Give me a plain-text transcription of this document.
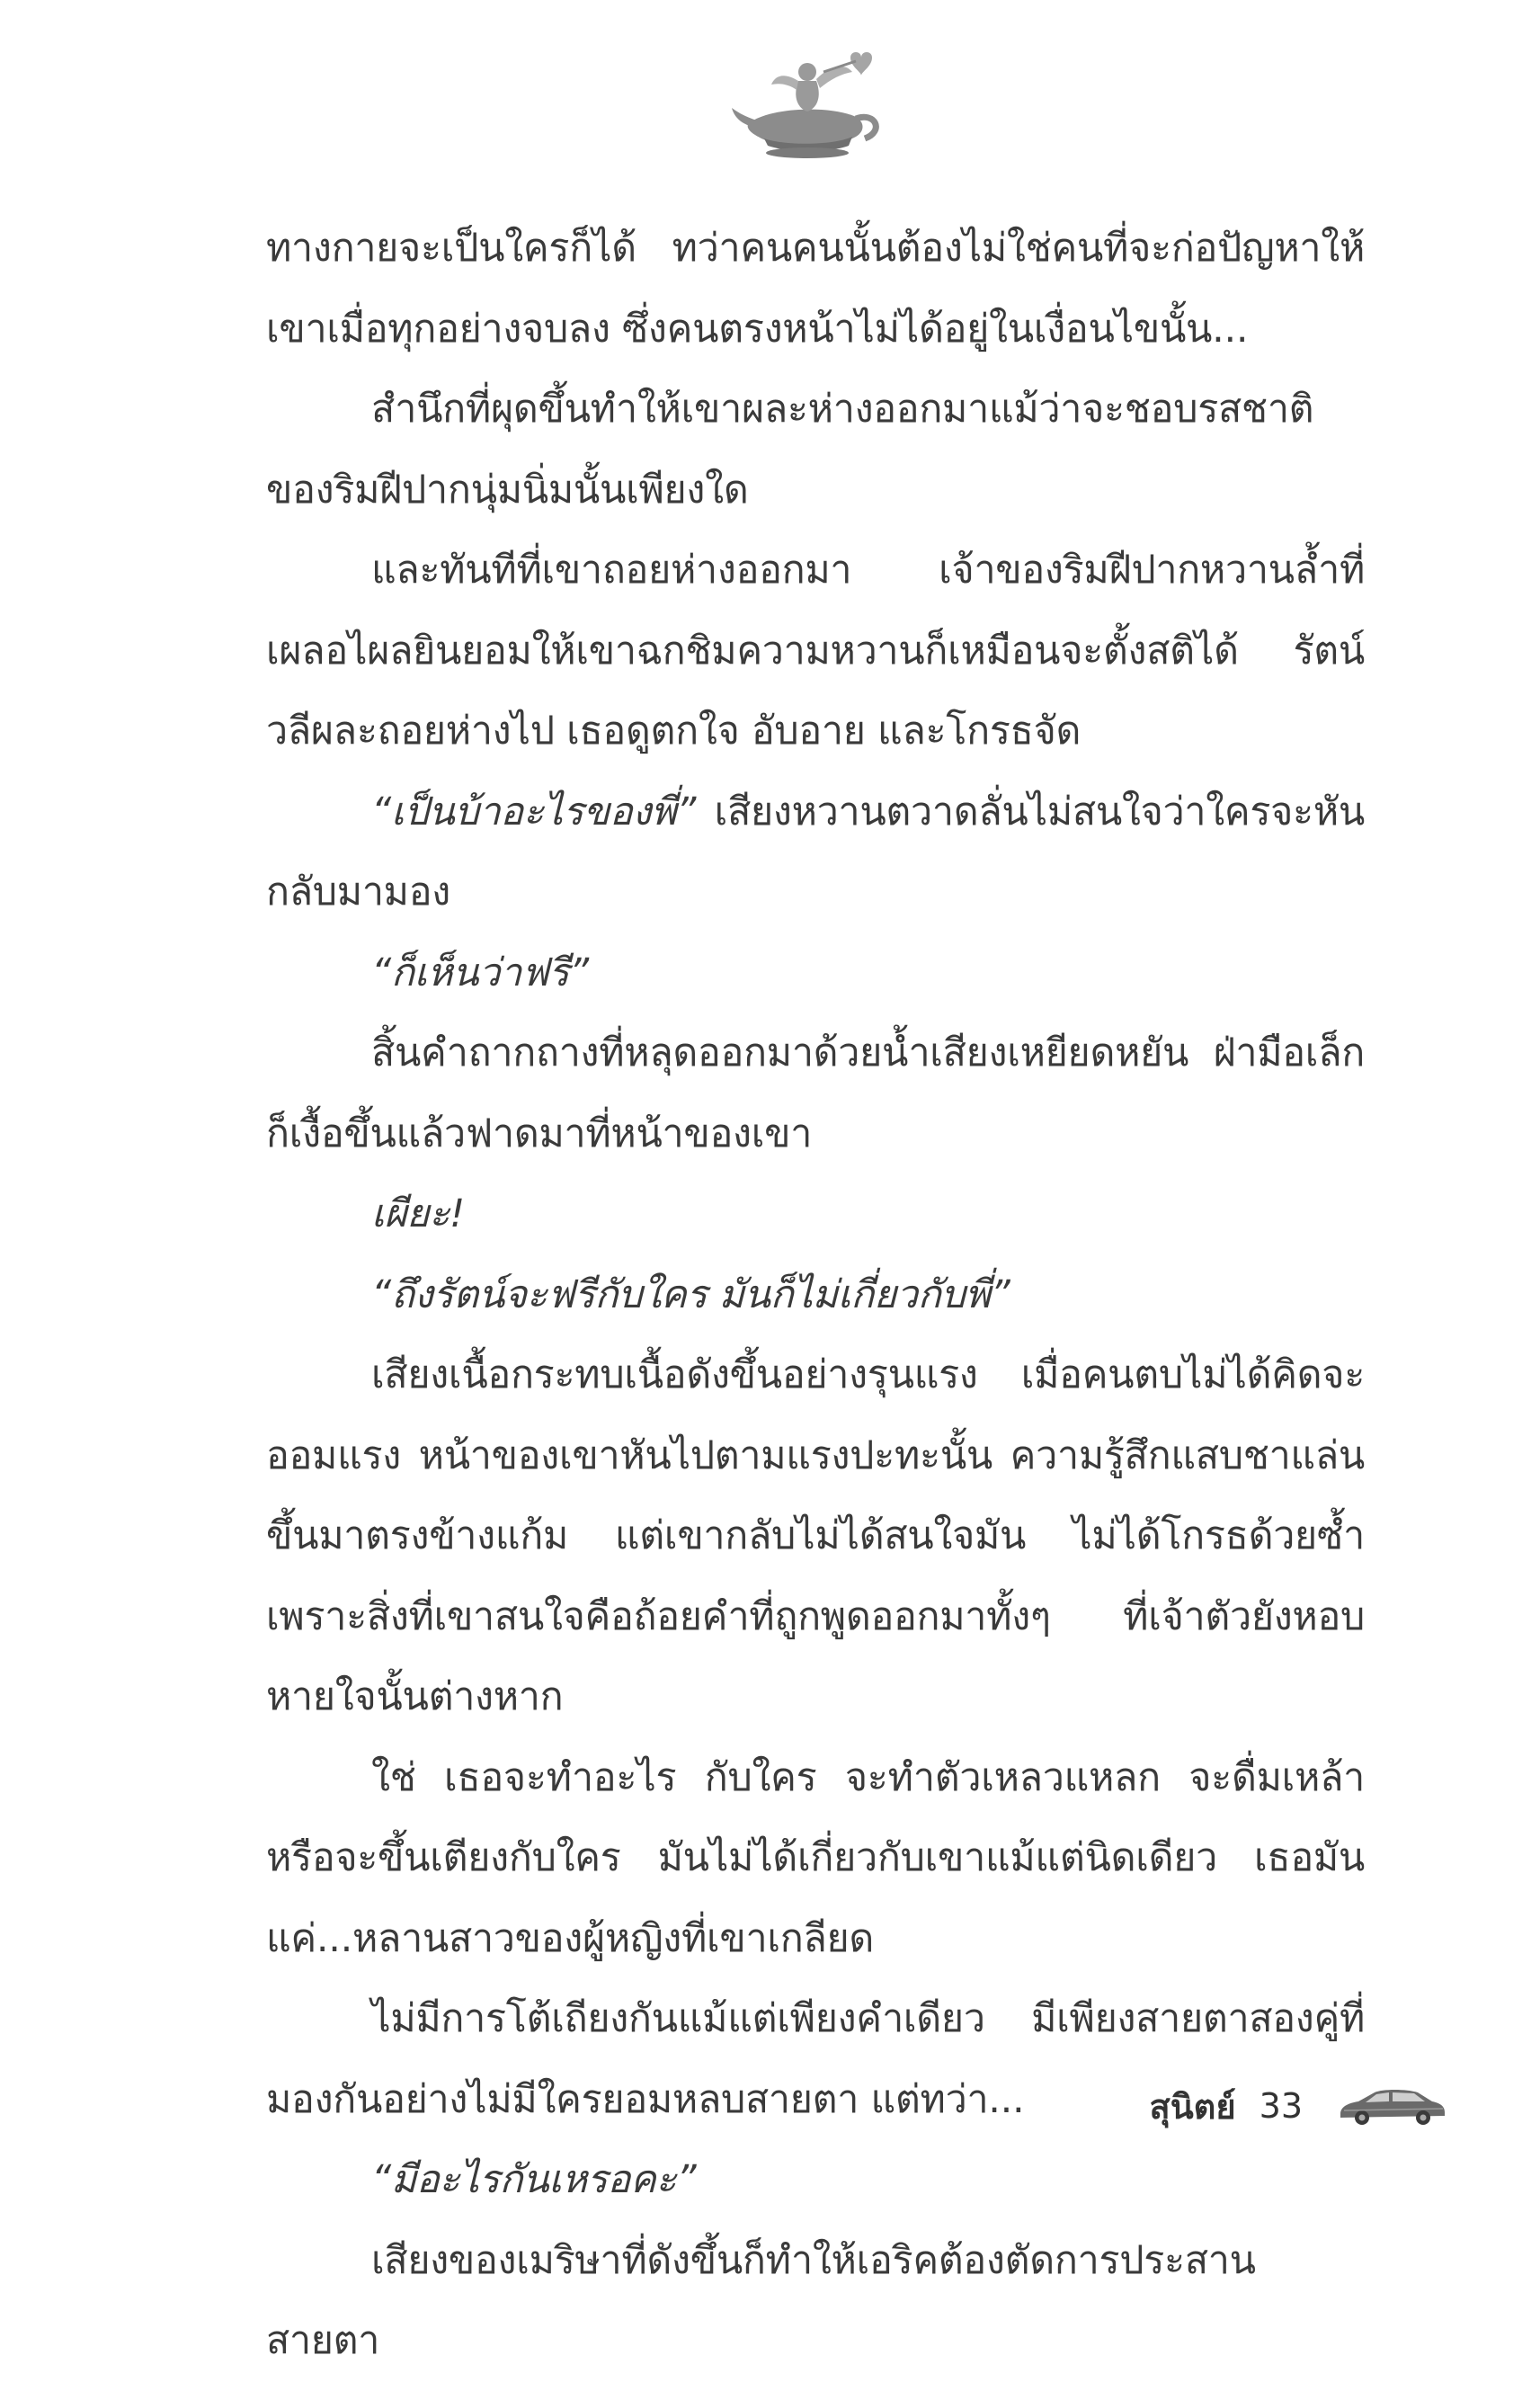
ทางกายจะเป็นใครก็ได้ ทว่าคนคนนั้นต้องไม่ใช่คนที่จะก่อปัญหาให้เขาเมื่อทุกอย่างจบลง ซึ่งคนตรงหน้าไม่ได้อยู่ในเงื่อนไขนั้น...

สำนึกที่ผุดขึ้นทำให้เขาผละห่างออกมาแม้ว่าจะชอบรสชาติของริมฝีปากนุ่มนิ่มนั้นเพียงใด

และทันทีที่เขาถอยห่างออกมา เจ้าของริมฝีปากหวานล้ำที่เผลอไผลยินยอมให้เขาฉกชิมความหวานก็เหมือนจะตั้งสติได้ รัตน์วลีผละถอยห่างไป เธอดูตกใจ อับอาย และโกรธจัด

“เป็นบ้าอะไรของพี่” เสียงหวานตวาดลั่นไม่สนใจว่าใครจะหันกลับมามอง

“ก็เห็นว่าฟรี”

สิ้นคำถากถางที่หลุดออกมาด้วยน้ำเสียงเหยียดหยัน ฝ่ามือเล็กก็เงื้อขึ้นแล้วฟาดมาที่หน้าของเขา

เผียะ!

“ถึงรัตน์จะฟรีกับใคร มันก็ไม่เกี่ยวกับพี่”

เสียงเนื้อกระทบเนื้อดังขึ้นอย่างรุนแรง เมื่อคนตบไม่ได้คิดจะออมแรง หน้าของเขาหันไปตามแรงปะทะนั้น ความรู้สึกแสบชาแล่นขึ้นมาตรงข้างแก้ม แต่เขากลับไม่ได้สนใจมัน ไม่ได้โกรธด้วยซ้ำ เพราะสิ่งที่เขาสนใจคือถ้อยคำที่ถูกพูดออกมาทั้งๆ ที่เจ้าตัวยังหอบหายใจนั้นต่างหาก

ใช่ เธอจะทำอะไร กับใคร จะทำตัวเหลวแหลก จะดื่มเหล้า หรือจะขึ้นเตียงกับใคร มันไม่ได้เกี่ยวกับเขาแม้แต่นิดเดียว เธอมันแค่...หลานสาวของผู้หญิงที่เขาเกลียด

ไม่มีการโต้เถียงกันแม้แต่เพียงคำเดียว มีเพียงสายตาสองคู่ที่มองกันอย่างไม่มีใครยอมหลบสายตา แต่ทว่า...

“มีอะไรกันเหรอคะ”

เสียงของเมริษาที่ดังขึ้นก็ทำให้เอริคต้องตัดการประสานสายตา

สุนิตย์ 33
